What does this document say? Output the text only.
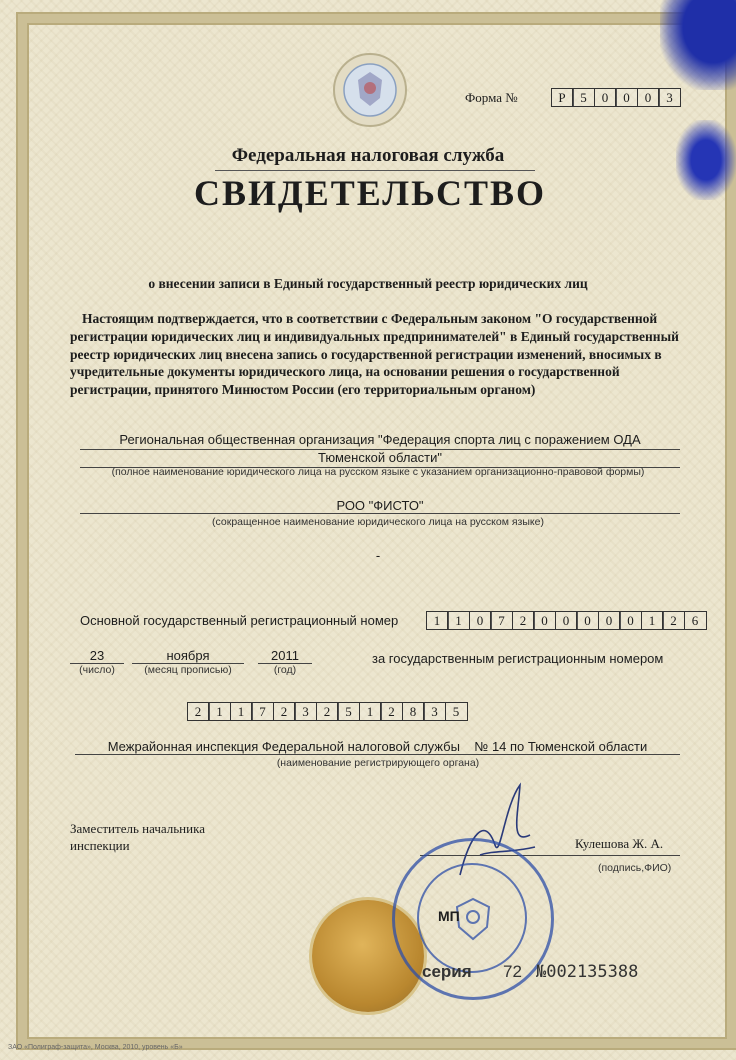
Форма №	Р	5	0	0	0	3
Федеральная налоговая служба
СВИДЕТЕЛЬСТВО
о внесении записи в Единый государственный реестр юридических лиц
Настоящим подтверждается, что в соответствии с Федеральным законом "О государственной регистрации юридических лиц и индивидуальных предпринимателей" в Единый государственный реестр юридических лиц внесена запись о государственной регистрации изменений, вносимых в учредительные документы юридического лица, на основании решения о государственной регистрации, принятого Минюстом России (его территориальным органом)
Региональная общественная организация "Федерация спорта лиц с поражением ОДА
Тюменской области"
(полное наименование юридического лица на русском языке с указанием организационно-правовой формы)
РОО "ФИСТО"
(сокращенное наименование юридического лица на русском языке)
-
Основной государственный регистрационный номер	1	1	0	7	2	0	0	0	0	0	1	2	6
23
(число)
ноября
(месяц прописью)
2011
(год)
за государственным регистрационным номером
2	1	1	7	2	3	2	5	1	2	8	3	5
Межрайонная инспекция Федеральной налоговой службы    № 14 по Тюменской области
(наименование регистрирующего органа)
Заместитель начальника
инспекции	Кулешова Ж. А.
(подпись,ФИО)
МП
серия 72 №002135388
ЗАО «Полиграф-защита», Москва, 2010, уровень «Б»
